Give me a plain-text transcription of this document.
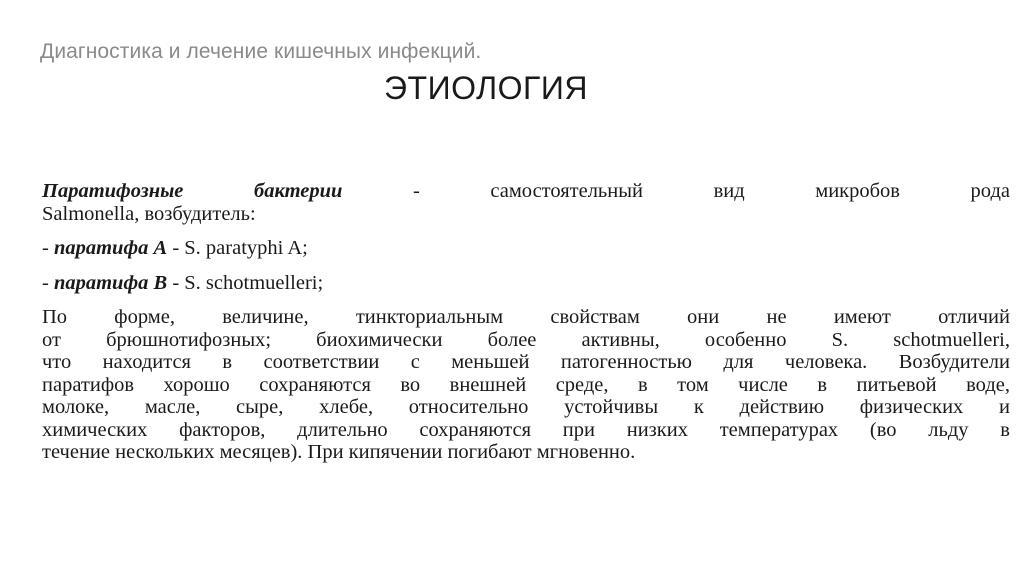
Диагностика и лечение кишечных инфекций.
ЭТИОЛОГИЯ
Паратифозные бактерии - самостоятельный вид микробов рода
Salmonella, возбудитель:
- паратифа А - S. paratyphi A;
- паратифа В - S. schotmuelleri;
По форме, величине, тинкториальным свойствам они не имеют отличий
от брюшнотифозных; биохимически более активны, особенно S. schotmuelleri,
что находится в соответствии с меньшей патогенностью для человека. Возбудители
паратифов хорошо сохраняются во внешней среде, в том числе в питьевой воде,
молоке, масле, сыре, хлебе, относительно устойчивы к действию физических и
химических факторов, длительно сохраняются при низких температурах (во льду в
течение нескольких месяцев). При кипячении погибают мгновенно.
